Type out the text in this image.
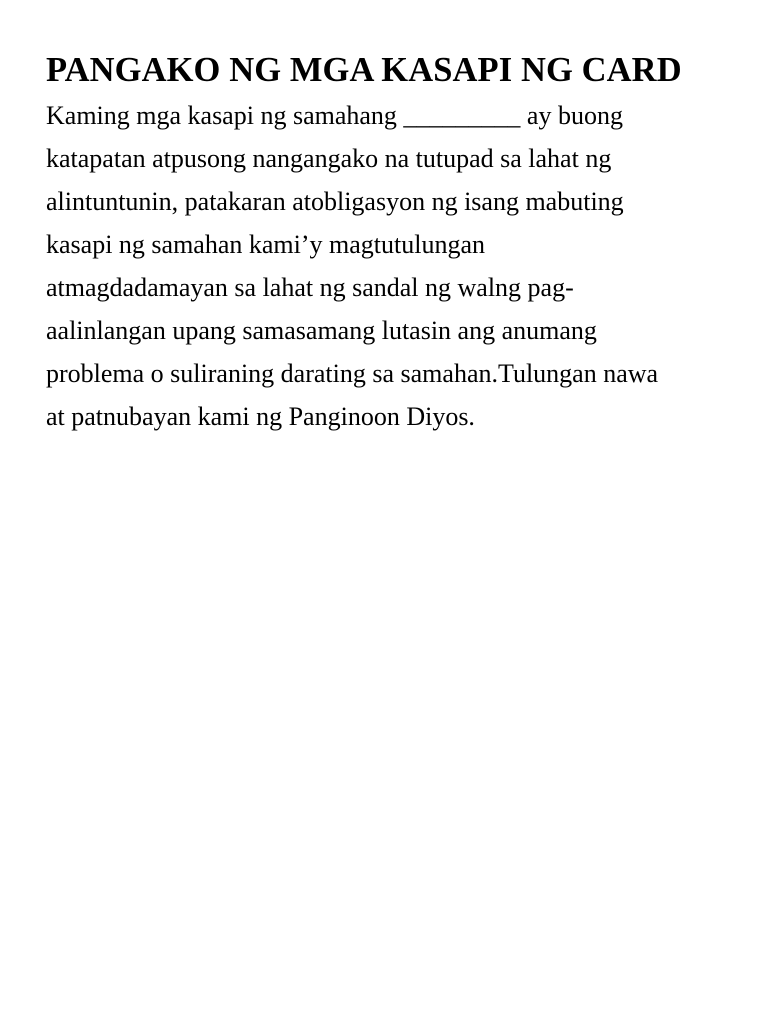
PANGAKO NG MGA KASAPI NG CARD
Kaming mga kasapi ng samahang _________ ay buong
katapatan atpusong nangangako na tutupad sa lahat ng
alintuntunin, patakaran atobligasyon ng isang mabuting
kasapi ng samahan kami’y magtutulungan
atmagdadamayan sa lahat ng sandal ng walng pag-
aalinlangan upang samasamang lutasin ang anumang
problema o suliraning darating sa samahan.Tulungan nawa
at patnubayan kami ng Panginoon Diyos.
